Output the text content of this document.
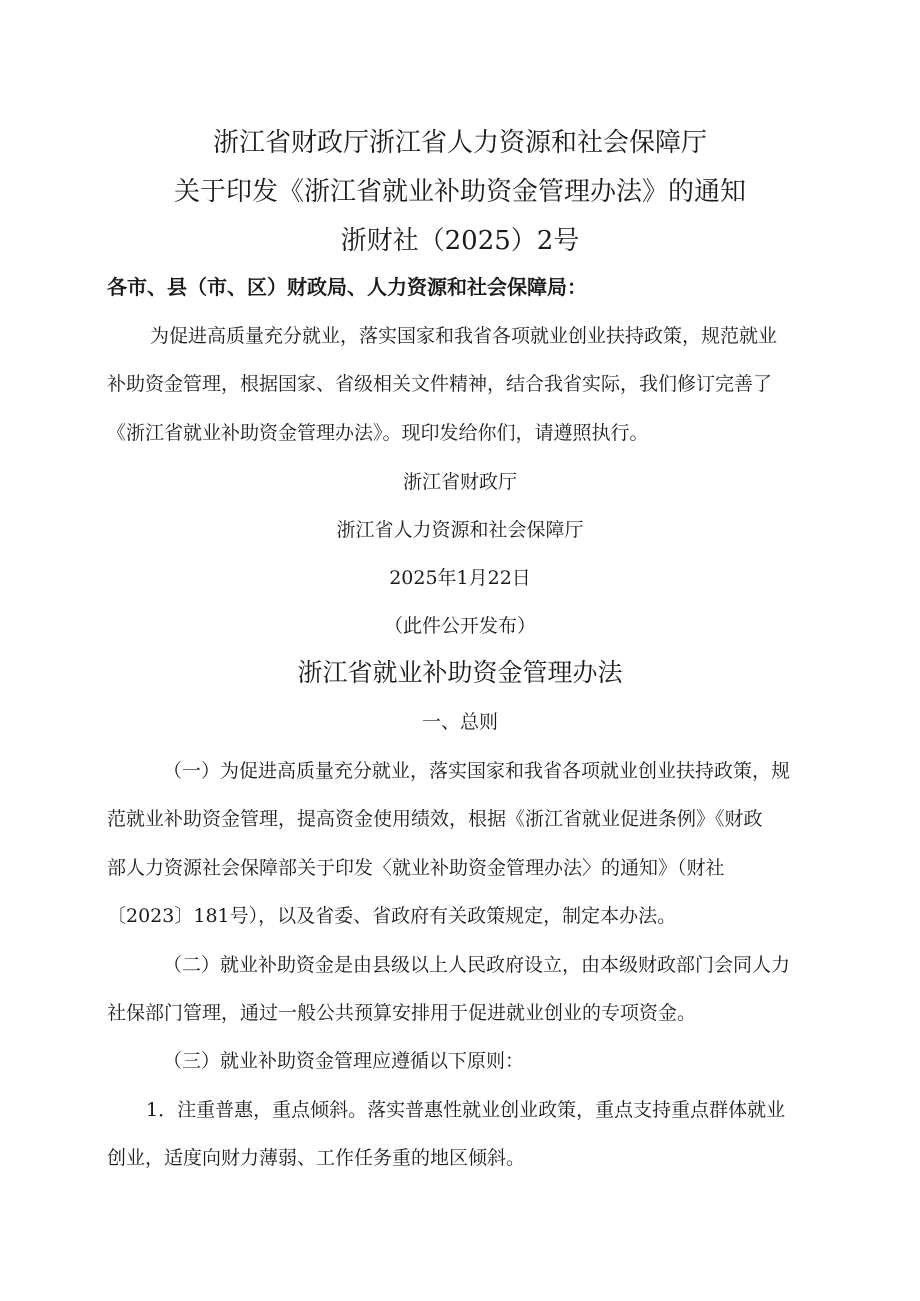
浙江省财政厅浙江省人力资源和社会保障厅
关于印发《浙江省就业补助资金管理办法》的通知
浙财社（2025）2号
各市、县（市、区）财政局、人力资源和社会保障局：
为促进高质量充分就业，落实国家和我省各项就业创业扶持政策，规范就业
补助资金管理，根据国家、省级相关文件精神，结合我省实际，我们修订完善了
《浙江省就业补助资金管理办法》。现印发给你们，请遵照执行。
浙江省财政厅
浙江省人力资源和社会保障厅
2025年1月22日
（此件公开发布）
浙江省就业补助资金管理办法
一、总则
（一）为促进高质量充分就业，落实国家和我省各项就业创业扶持政策，规
范就业补助资金管理，提高资金使用绩效，根据《浙江省就业促进条例》《财政
部人力资源社会保障部关于印发〈就业补助资金管理办法〉的通知》（财社
〔2023〕181号），以及省委、省政府有关政策规定，制定本办法。
（二）就业补助资金是由县级以上人民政府设立，由本级财政部门会同人力
社保部门管理，通过一般公共预算安排用于促进就业创业的专项资金。
（三）就业补助资金管理应遵循以下原则：
1．注重普惠，重点倾斜。落实普惠性就业创业政策，重点支持重点群体就业
创业，适度向财力薄弱、工作任务重的地区倾斜。
